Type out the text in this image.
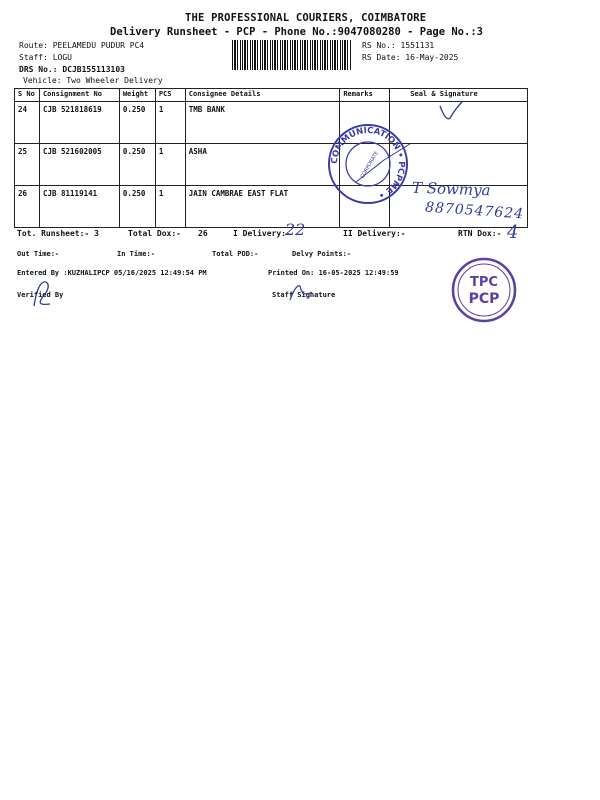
THE PROFESSIONAL COURIERS, COIMBATORE
Delivery Runsheet - PCP - Phone No.:9047080280 - Page No.:3
Route: PEELAMEDU PUDUR PC4
Staff: LOGU
DRS No.: DCJB155113103
Vehicle: Two Wheeler Delivery
RS No.: 1551131
RS Date: 16-May-2025
S No	Consignment No	Weight	PCS	Consignee Details	Remarks	Seal & Signature
24	CJB 521818619	0.250	1	TMB BANK		
25	CJB 521602005	0.250	1	ASHA		
26	CJB 81119141	0.250	1	JAIN CAMBRAE EAST FLAT		
Tot. Runsheet:- 3	Total Dox:- 26	I Delivery:-
22	II Delivery:-	RTN Dox:- 4
Out Time:-	In Time:-	Total POD:-	Delvy Points:-
Entered By :KUZHALIPCP 05/16/2025 12:49:54 PM	Printed On: 16-05-2025 12:49:59
Verified By	Staff Signature
T Sowmya
8870547624
COMMUNICATION • PCPME •
CORPORATE
TPC
PCP
